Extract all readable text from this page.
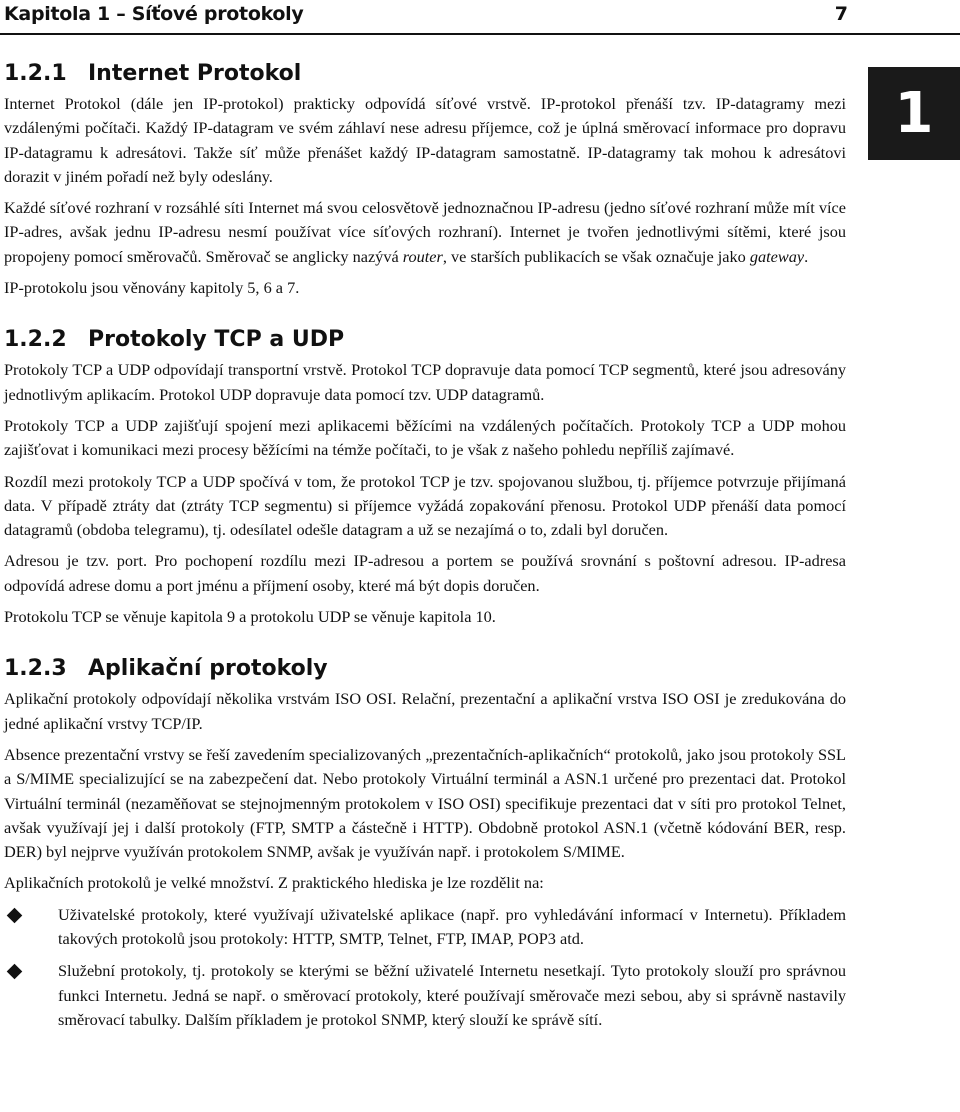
Kapitola 1 – Síťové protokoly	7
1
1.2.1 Internet Protokol

Internet Protokol (dále jen IP-protokol) prakticky odpovídá síťové vrstvě. IP-protokol přenáší tzv. IP-datagramy mezi vzdálenými počítači. Každý IP-datagram ve svém záhlaví nese adresu příjemce, což je úplná směrovací informace pro dopravu IP-datagramu k adresátovi. Takže síť může přenášet každý IP-datagram samostatně. IP-datagramy tak mohou k adresátovi dorazit v jiném pořadí než byly odeslány.

Každé síťové rozhraní v rozsáhlé síti Internet má svou celosvětově jednoznačnou IP-adresu (jedno síťové rozhraní může mít více IP-adres, avšak jednu IP-adresu nesmí používat více síťových rozhraní). Internet je tvořen jednotlivými sítěmi, které jsou propojeny pomocí směrovačů. Směrovač se anglicky nazývá router, ve starších publikacích se však označuje jako gateway.

IP-protokolu jsou věnovány kapitoly 5, 6 a 7.

1.2.2 Protokoly TCP a UDP

Protokoly TCP a UDP odpovídají transportní vrstvě. Protokol TCP dopravuje data pomocí TCP segmentů, které jsou adresovány jednotlivým aplikacím. Protokol UDP dopravuje data pomocí tzv. UDP datagramů.

Protokoly TCP a UDP zajišťují spojení mezi aplikacemi běžícími na vzdálených počítačích. Protokoly TCP a UDP mohou zajišťovat i komunikaci mezi procesy běžícími na témže počítači, to je však z našeho pohledu nepříliš zajímavé.

Rozdíl mezi protokoly TCP a UDP spočívá v tom, že protokol TCP je tzv. spojovanou službou, tj. příjemce potvrzuje přijímaná data. V případě ztráty dat (ztráty TCP segmentu) si příjemce vyžádá zopakování přenosu. Protokol UDP přenáší data pomocí datagramů (obdoba telegramu), tj. odesílatel odešle datagram a už se nezajímá o to, zdali byl doručen.

Adresou je tzv. port. Pro pochopení rozdílu mezi IP-adresou a portem se používá srovnání s poštovní adresou. IP-adresa odpovídá adrese domu a port jménu a příjmení osoby, které má být dopis doručen.

Protokolu TCP se věnuje kapitola 9 a protokolu UDP se věnuje kapitola 10.

1.2.3 Aplikační protokoly

Aplikační protokoly odpovídají několika vrstvám ISO OSI. Relační, prezentační a aplikační vrstva ISO OSI je zredukována do jedné aplikační vrstvy TCP/IP.

Absence prezentační vrstvy se řeší zavedením specializovaných „prezentačních-aplikačních“ protokolů, jako jsou protokoly SSL a S/MIME specializující se na zabezpečení dat. Nebo protokoly Virtuální terminál a ASN.1 určené pro prezentaci dat. Protokol Virtuální terminál (nezaměňovat se stejnojmenným protokolem v ISO OSI) specifikuje prezentaci dat v síti pro protokol Telnet, avšak využívají jej i další protokoly (FTP, SMTP a částečně i HTTP). Obdobně protokol ASN.1 (včetně kódování BER, resp. DER) byl nejprve využíván protokolem SNMP, avšak je využíván např. i protokolem S/MIME.

Aplikačních protokolů je velké množství. Z praktického hlediska je lze rozdělit na:

Uživatelské protokoly, které využívají uživatelské aplikace (např. pro vyhledávání informací v Internetu). Příkladem takových protokolů jsou protokoly: HTTP, SMTP, Telnet, FTP, IMAP, POP3 atd.
Služební protokoly, tj. protokoly se kterými se běžní uživatelé Internetu nesetkají. Tyto protokoly slouží pro správnou funkci Internetu. Jedná se např. o směrovací protokoly, které používají směrovače mezi sebou, aby si správně nastavily směrovací tabulky. Dalším příkladem je protokol SNMP, který slouží ke správě sítí.
